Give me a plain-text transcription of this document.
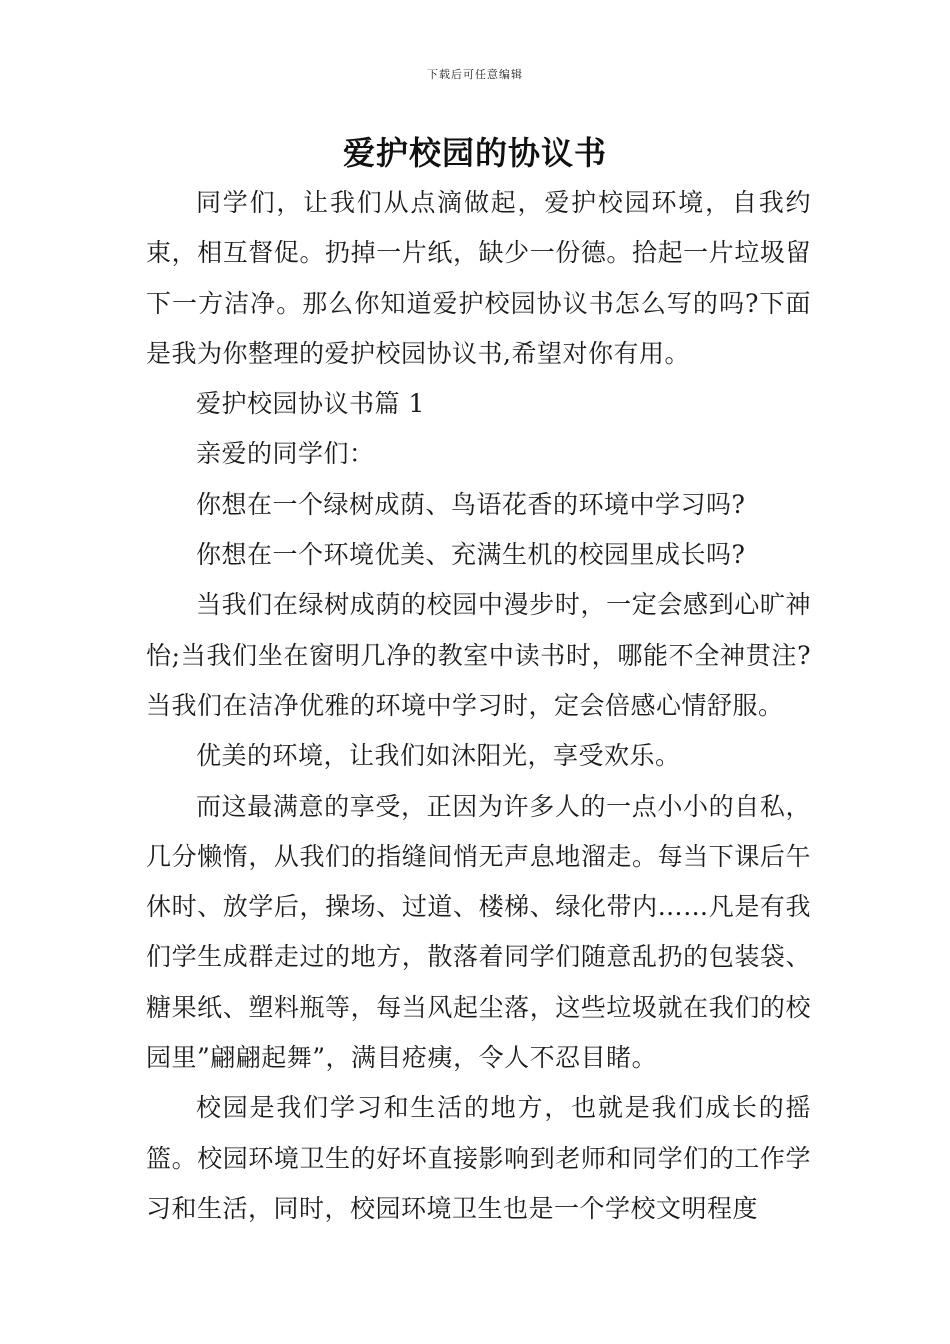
下载后可任意编辑
爱护校园的协议书

同学们，让我们从点滴做起，爱护校园环境，自我约束，相互督促。扔掉一片纸，缺少一份德。拾起一片垃圾留下一方洁净。那么你知道爱护校园协议书怎么写的吗?下面是我为你整理的爱护校园协议书,希望对你有用。

爱护校园协议书篇 1

亲爱的同学们：

你想在一个绿树成荫、鸟语花香的环境中学习吗?

你想在一个环境优美、充满生机的校园里成长吗?

当我们在绿树成荫的校园中漫步时，一定会感到心旷神怡;当我们坐在窗明几净的教室中读书时，哪能不全神贯注?当我们在洁净优雅的环境中学习时，定会倍感心情舒服。

优美的环境，让我们如沐阳光，享受欢乐。

而这最满意的享受，正因为许多人的一点小小的自私，几分懒惰，从我们的指缝间悄无声息地溜走。每当下课后午休时、放学后，操场、过道、楼梯、绿化带内……凡是有我们学生成群走过的地方，散落着同学们随意乱扔的包装袋、糖果纸、塑料瓶等，每当风起尘落，这些垃圾就在我们的校园里”翩翩起舞”，满目疮痍，令人不忍目睹。

校园是我们学习和生活的地方，也就是我们成长的摇篮。校园环境卫生的好坏直接影响到老师和同学们的工作学习和生活，同时，校园环境卫生也是一个学校文明程度
